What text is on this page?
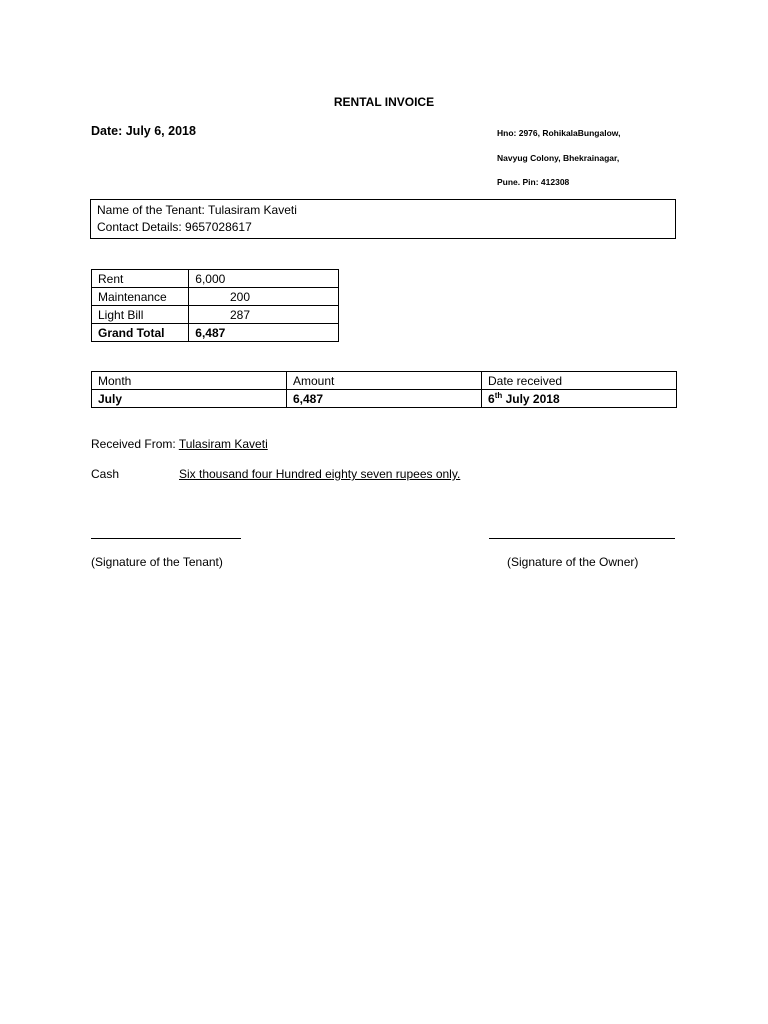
RENTAL INVOICE
Date: July 6, 2018	Hno: 2976, RohikalaBungalow,
Navyug Colony, Bhekrainagar,
Pune. Pin: 412308
Name of the Tenant: Tulasiram Kaveti
Contact Details: 9657028617
Rent	6,000
Maintenance	200
Light Bill	287
Grand Total	6,487
Month	Amount	Date received
July	6,487	6th July 2018
Received From: Tulasiram Kaveti
Cash	Six thousand four Hundred eighty seven rupees only.
(Signature of the Tenant)	(Signature of the Owner)
